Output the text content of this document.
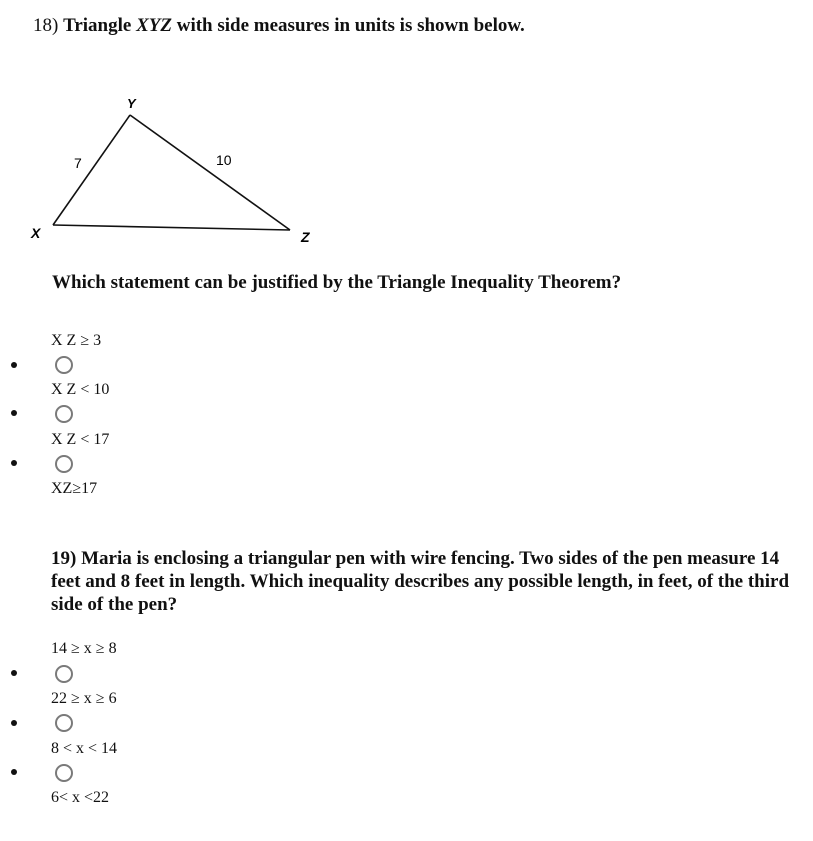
18) Triangle XYZ with side measures in units is shown below.
Y
X	Z
7	10
Which statement can be justified by the Triangle Inequality Theorem?
X Z ≥ 3
X Z < 10
X Z < 17
XZ≥17
19) Maria is enclosing a triangular pen with wire fencing. Two sides of the pen measure 14 feet and 8 feet in length. Which inequality describes any possible length, in feet, of the third side of the pen?
14 ≥ x ≥ 8
22 ≥ x ≥ 6
8 < x < 14
6< x <22
